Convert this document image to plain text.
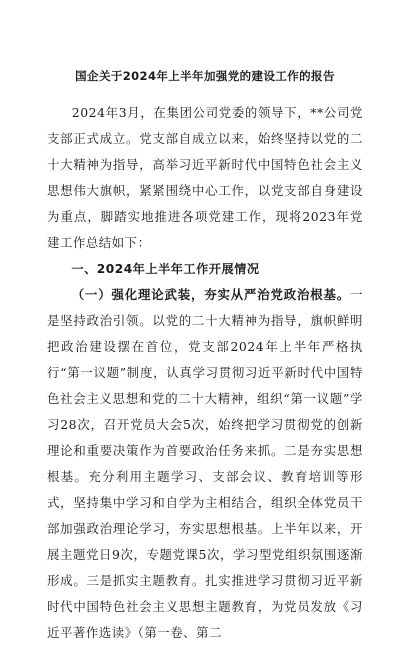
国企关于2024年上半年加强党的建设工作的报告

2024年3月，在集团公司党委的领导下，**公司党支部正式成立。党支部自成立以来，始终坚持以党的二十大精神为指导，高举习近平新时代中国特色社会主义思想伟大旗帜，紧紧围绕中心工作，以党支部自身建设为重点，脚踏实地推进各项党建工作，现将2023年党建工作总结如下：

一、2024年上半年工作开展情况

（一）强化理论武装，夯实从严治党政治根基。一是坚持政治引领。以党的二十大精神为指导，旗帜鲜明把政治建设摆在首位，党支部2024年上半年严格执行“第一议题”制度，认真学习贯彻习近平新时代中国特色社会主义思想和党的二十大精神，组织“第一议题”学习28次，召开党员大会5次，始终把学习贯彻党的创新理论和重要决策作为首要政治任务来抓。二是夯实思想根基。充分利用主题学习、支部会议、教育培训等形式，坚持集中学习和自学为主相结合，组织全体党员干部加强政治理论学习，夯实思想根基。上半年以来，开展主题党日9次，专题党课5次，学习型党组织氛围逐渐形成。三是抓实主题教育。扎实推进学习贯彻习近平新时代中国特色社会主义思想主题教育，为党员发放《习近平著作选读》（第一卷、第二
